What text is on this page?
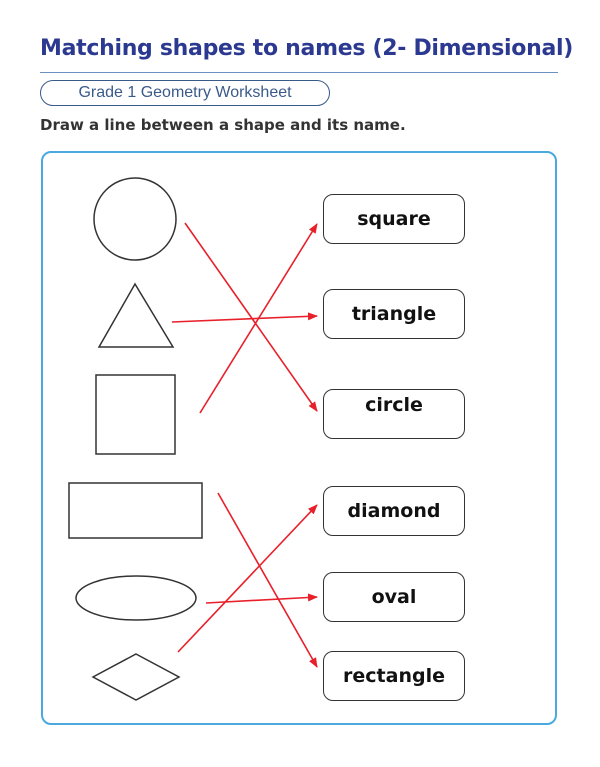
Matching shapes to names (2- Dimensional)
Grade 1 Geometry Worksheet

Draw a line between a shape and its name.

square
triangle
circle
diamond
oval
rectangle
